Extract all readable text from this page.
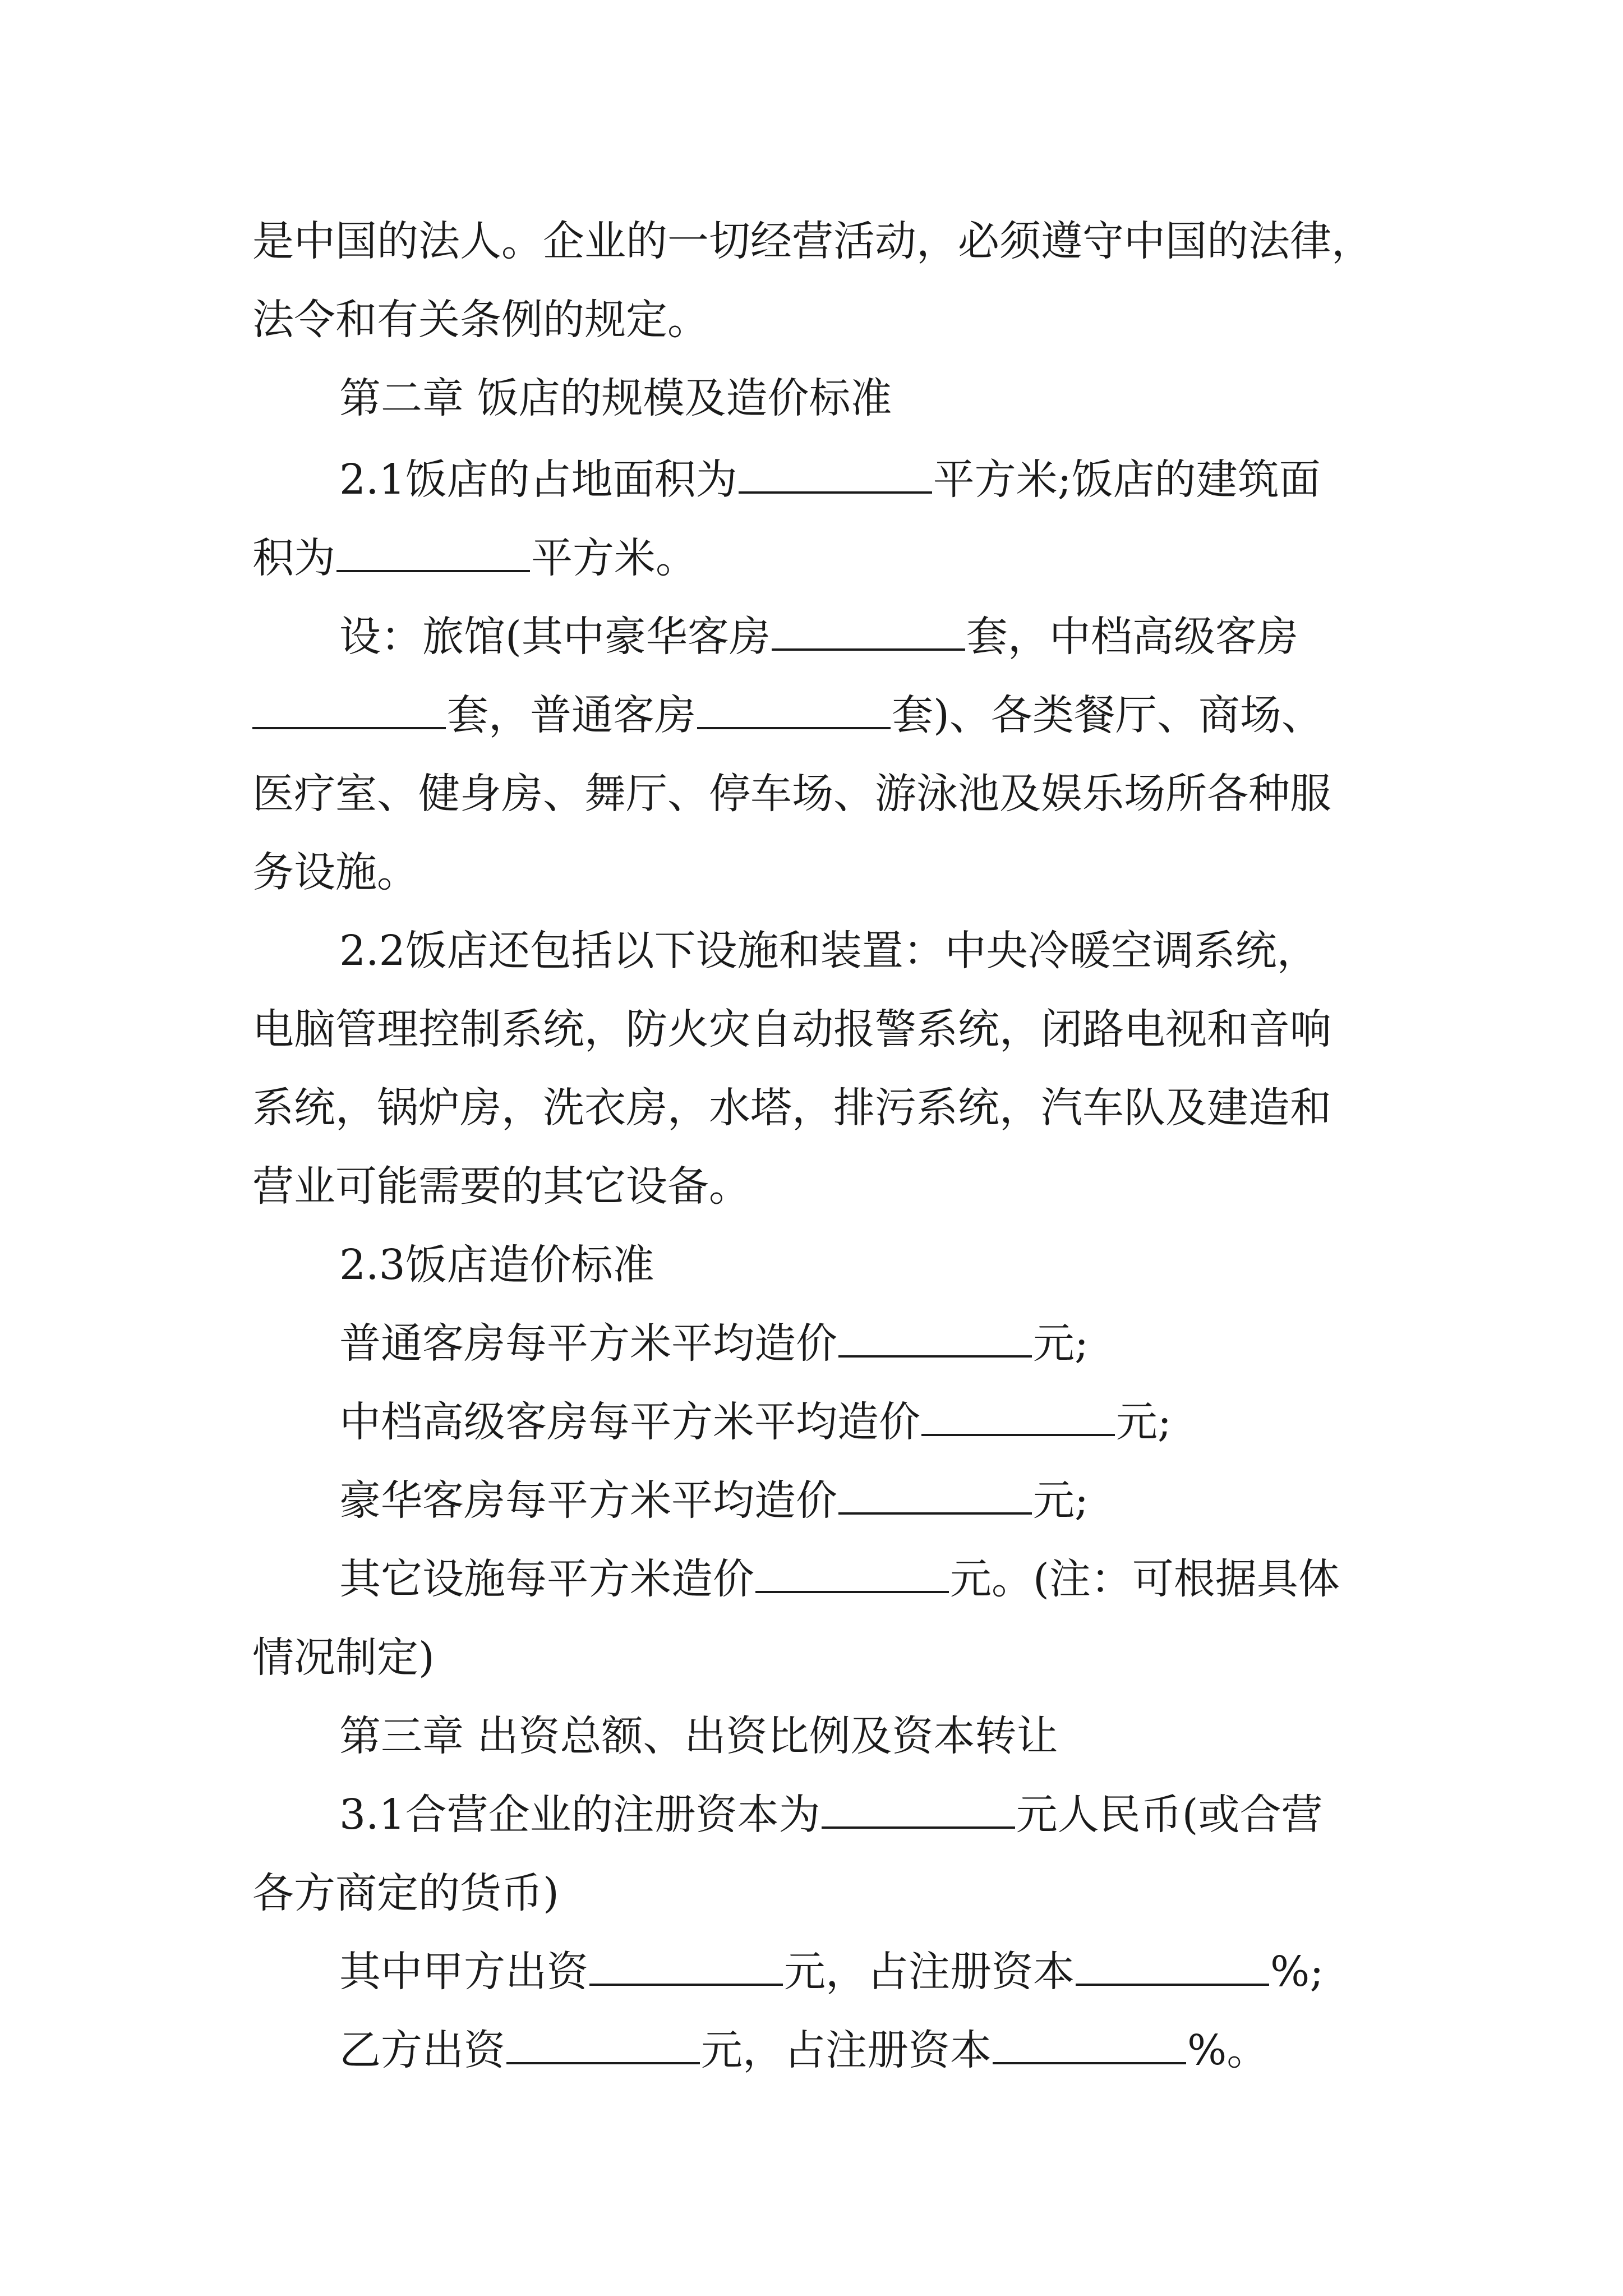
是中国的法人。企业的一切经营活动，必须遵守中国的法律，
法令和有关条例的规定。
第二章 饭店的规模及造价标准
2.1饭店的占地面积为	平方米;饭店的建筑面
积为	平方米。
设：旅馆(其中豪华客房	套，中档高级客房
套，普通客房	套)、各类餐厅、商场、
医疗室、健身房、舞厅、停车场、游泳池及娱乐场所各种服
务设施。
2.2饭店还包括以下设施和装置：中央冷暖空调系统，
电脑管理控制系统，防火灾自动报警系统，闭路电视和音响
系统，锅炉房，洗衣房，水塔，排污系统，汽车队及建造和
营业可能需要的其它设备。
2.3饭店造价标准
普通客房每平方米平均造价	元;
中档高级客房每平方米平均造价	元;
豪华客房每平方米平均造价	元;
其它设施每平方米造价	元。(注：可根据具体
情况制定)
第三章 出资总额、出资比例及资本转让
3.1合营企业的注册资本为	元人民币(或合营
各方商定的货币)
其中甲方出资	元，占注册资本	%;
乙方出资	元，占注册资本	%。
